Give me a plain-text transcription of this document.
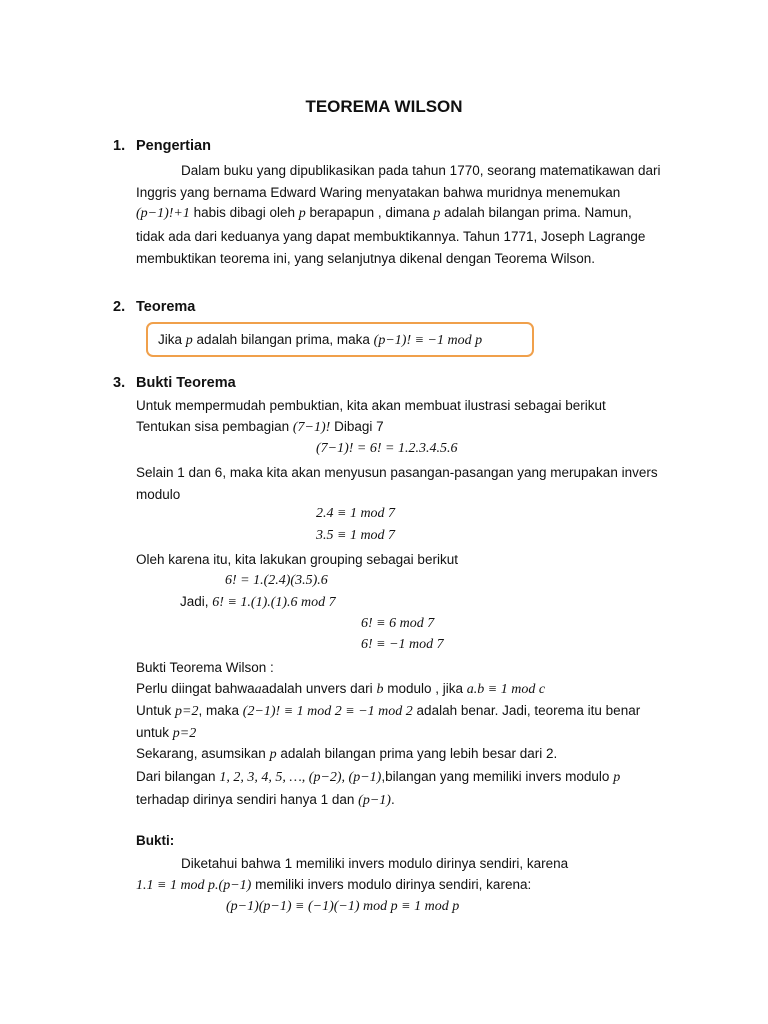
TEOREMA WILSON
1. Pengertian
Dalam buku yang dipublikasikan pada tahun 1770, seorang matematikawan dari
Inggris yang bernama Edward Waring menyatakan bahwa muridnya menemukan
(p−1)!+1 habis dibagi oleh p berapapun , dimana p adalah bilangan prima. Namun,
tidak ada dari keduanya yang dapat membuktikannya. Tahun 1771, Joseph Lagrange
membuktikan teorema ini, yang selanjutnya dikenal dengan Teorema Wilson.
2. Teorema
Jika p adalah bilangan prima, maka (p−1)! ≡ −1 mod p
3. Bukti Teorema
Untuk mempermudah pembuktian, kita akan membuat ilustrasi sebagai berikut
Tentukan sisa pembagian (7−1)! Dibagi 7
(7−1)! = 6! = 1.2.3.4.5.6
Selain 1 dan 6, maka kita akan menyusun pasangan-pasangan yang merupakan invers
modulo
2.4 ≡ 1 mod 7
3.5 ≡ 1 mod 7
Oleh karena itu, kita lakukan grouping sebagai berikut
6! = 1.(2.4)(3.5).6
Jadi, 6! ≡ 1.(1).(1).6 mod 7
6! ≡ 6 mod 7
6! ≡ −1 mod 7
Bukti Teorema Wilson :
Perlu diingat bahwaaadalah unvers dari b modulo , jika a.b ≡ 1 mod c
Untuk p=2, maka (2−1)! ≡ 1 mod 2 ≡ −1 mod 2 adalah benar. Jadi, teorema itu benar
untuk p=2
Sekarang, asumsikan p adalah bilangan prima yang lebih besar dari 2.
Dari bilangan 1, 2, 3, 4, 5, …, (p−2), (p−1),bilangan yang memiliki invers modulo p
terhadap dirinya sendiri hanya 1 dan (p−1).
Bukti:
Diketahui bahwa 1 memiliki invers modulo dirinya sendiri, karena
1.1 ≡ 1 mod p.(p−1) memiliki invers modulo dirinya sendiri, karena:
(p−1)(p−1) ≡ (−1)(−1) mod p ≡ 1 mod p
